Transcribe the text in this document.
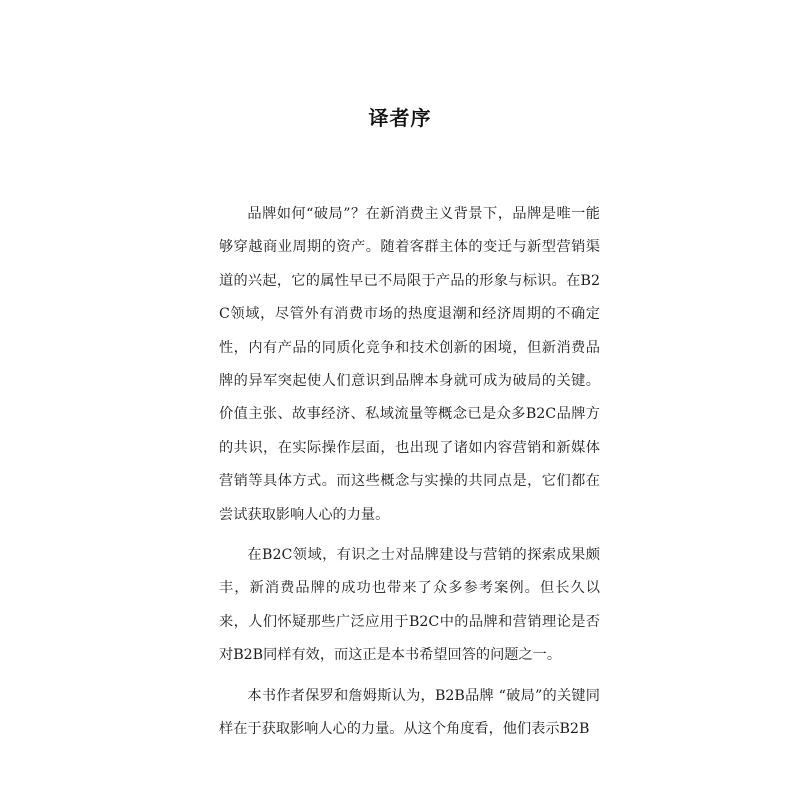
译者序

品牌如何“破局”？在新消费主义背景下，品牌是唯一能够穿越商业周期的资产。随着客群主体的变迁与新型营销渠道的兴起，它的属性早已不局限于产品的形象与标识。在B2C领域，尽管外有消费市场的热度退潮和经济周期的不确定性，内有产品的同质化竞争和技术创新的困境，但新消费品牌的异军突起使人们意识到品牌本身就可成为破局的关键。价值主张、故事经济、私域流量等概念已是众多B2C品牌方的共识，在实际操作层面，也出现了诸如内容营销和新媒体营销等具体方式。而这些概念与实操的共同点是，它们都在尝试获取影响人心的力量。

在B2C领域，有识之士对品牌建设与营销的探索成果颇丰，新消费品牌的成功也带来了众多参考案例。但长久以来，人们怀疑那些广泛应用于B2C中的品牌和营销理论是否对B2B同样有效，而这正是本书希望回答的问题之一。

本书作者保罗和詹姆斯认为，B2B品牌 “破局”的关键同样在于获取影响人心的力量。从这个角度看，他们表示B2B
